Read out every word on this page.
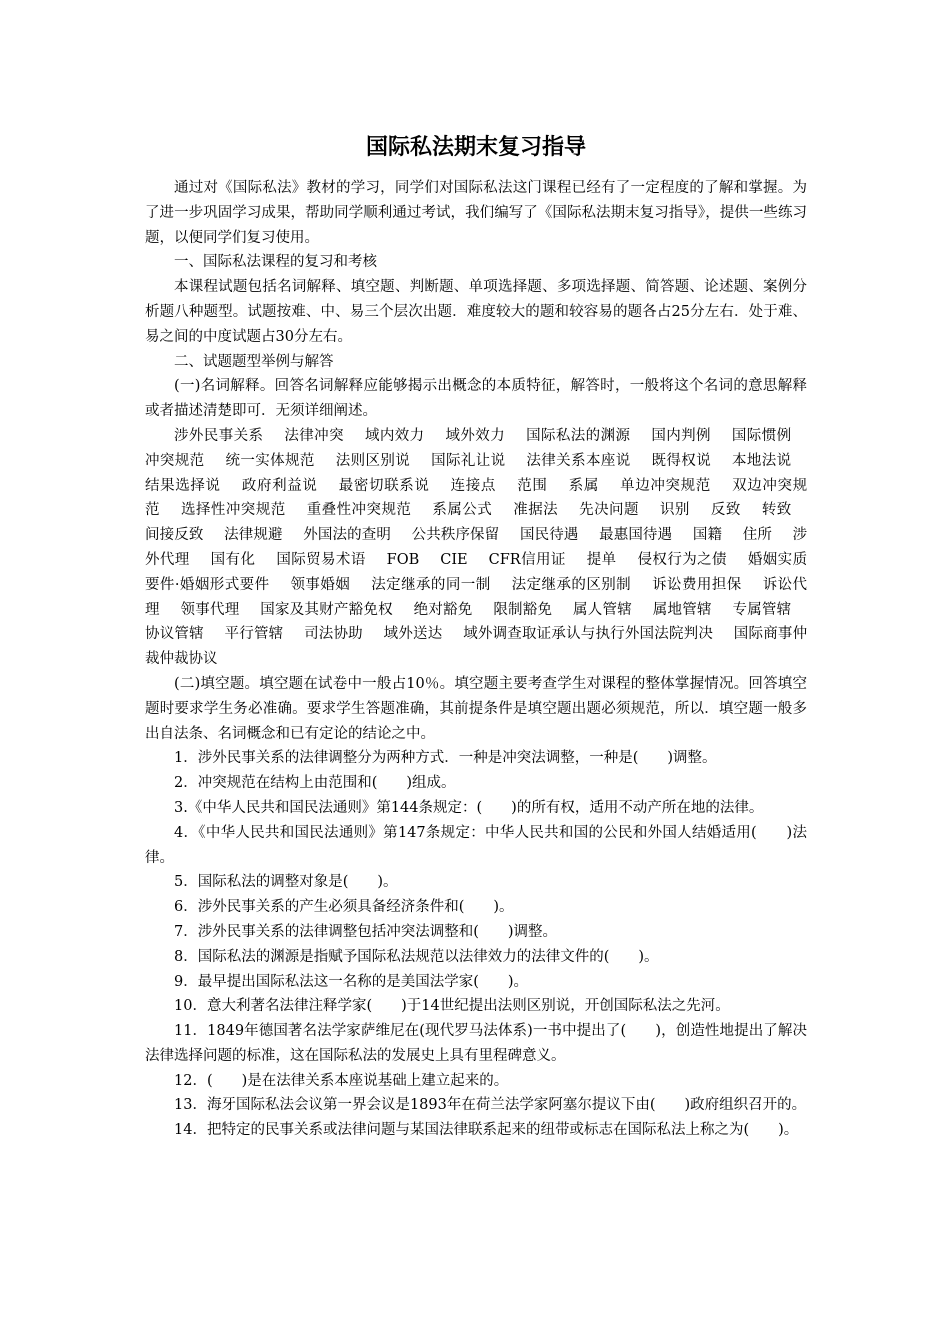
国际私法期末复习指导

通过对《国际私法》教材的学习，同学们对国际私法这门课程已经有了一定程度的了解和掌握。为了进一步巩固学习成果，帮助同学顺利通过考试，我们编写了《国际私法期末复习指导》，提供一些练习题，以便同学们复习使用。

一、国际私法课程的复习和考核

本课程试题包括名词解释、填空题、判断题、单项选择题、多项选择题、简答题、论述题、案例分析题八种题型。试题按难、中、易三个层次出题．难度较大的题和较容易的题各占25分左右．处于难、易之间的中度试题占30分左右。

二、试题题型举例与解答

(一)名词解释。回答名词解释应能够揭示出概念的本质特征，解答时，一般将这个名词的意思解释或者描述清楚即可．无须详细阐述。

涉外民事关系 法律冲突 域内效力 域外效力 国际私法的渊源 国内判例 国际惯例 冲突规范 统一实体规范 法则区别说 国际礼让说 法律关系本座说 既得权说 本地法说 结果选择说 政府利益说 最密切联系说 连接点 范围 系属 单边冲突规范 双边冲突规范 选择性冲突规范 重叠性冲突规范 系属公式 准据法 先决问题 识别 反致 转致 间接反致 法律规避 外国法的查明 公共秩序保留 国民待遇 最惠国待遇 国籍 住所 涉外代理 国有化 国际贸易术语 FOB CIE CFR信用证 提单 侵权行为之债 婚姻实质要件·婚姻形式要件 领事婚姻 法定继承的同一制 法定继承的区别制 诉讼费用担保 诉讼代理 领事代理 国家及其财产豁免权 绝对豁免 限制豁免 属人管辖 属地管辖 专属管辖 协议管辖 平行管辖 司法协助 域外送达 域外调查取证承认与执行外国法院判决 国际商事仲裁仲裁协议

(二)填空题。填空题在试卷中一般占10％。填空题主要考查学生对课程的整体掌握情况。回答填空题时要求学生务必准确。要求学生答题准确，其前提条件是填空题出题必须规范，所以．填空题一般多出自法条、名词概念和已有定论的结论之中。

1．涉外民事关系的法律调整分为两种方式．一种是冲突法调整，一种是(　　)调整。

2．冲突规范在结构上由范围和(　　)组成。

3.《中华人民共和国民法通则》第144条规定：(　　)的所有权，适用不动产所在地的法律。

4．《中华人民共和国民法通则》第147条规定：中华人民共和国的公民和外国人结婚适用(　　)法律。

5．国际私法的调整对象是(　　)。

6．涉外民事关系的产生必须具备经济条件和(　　)。

7．涉外民事关系的法律调整包括冲突法调整和(　　)调整。

8．国际私法的渊源是指赋予国际私法规范以法律效力的法律文件的(　　)。

9．最早提出国际私法这一名称的是美国法学家(　　)。

10．意大利著名法律注释学家(　　)于14世纪提出法则区别说，开创国际私法之先河。

11．1849年德国著名法学家萨维尼在(现代罗马法体系)一书中提出了(　　)，创造性地提出了解决法律选择问题的标准，这在国际私法的发展史上具有里程碑意义。

12．(　　)是在法律关系本座说基础上建立起来的。

13．海牙国际私法会议第一界会议是1893年在荷兰法学家阿塞尔提议下由(　　)政府组织召开的。

14．把特定的民事关系或法律问题与某国法律联系起来的纽带或标志在国际私法上称之为(　　)。
